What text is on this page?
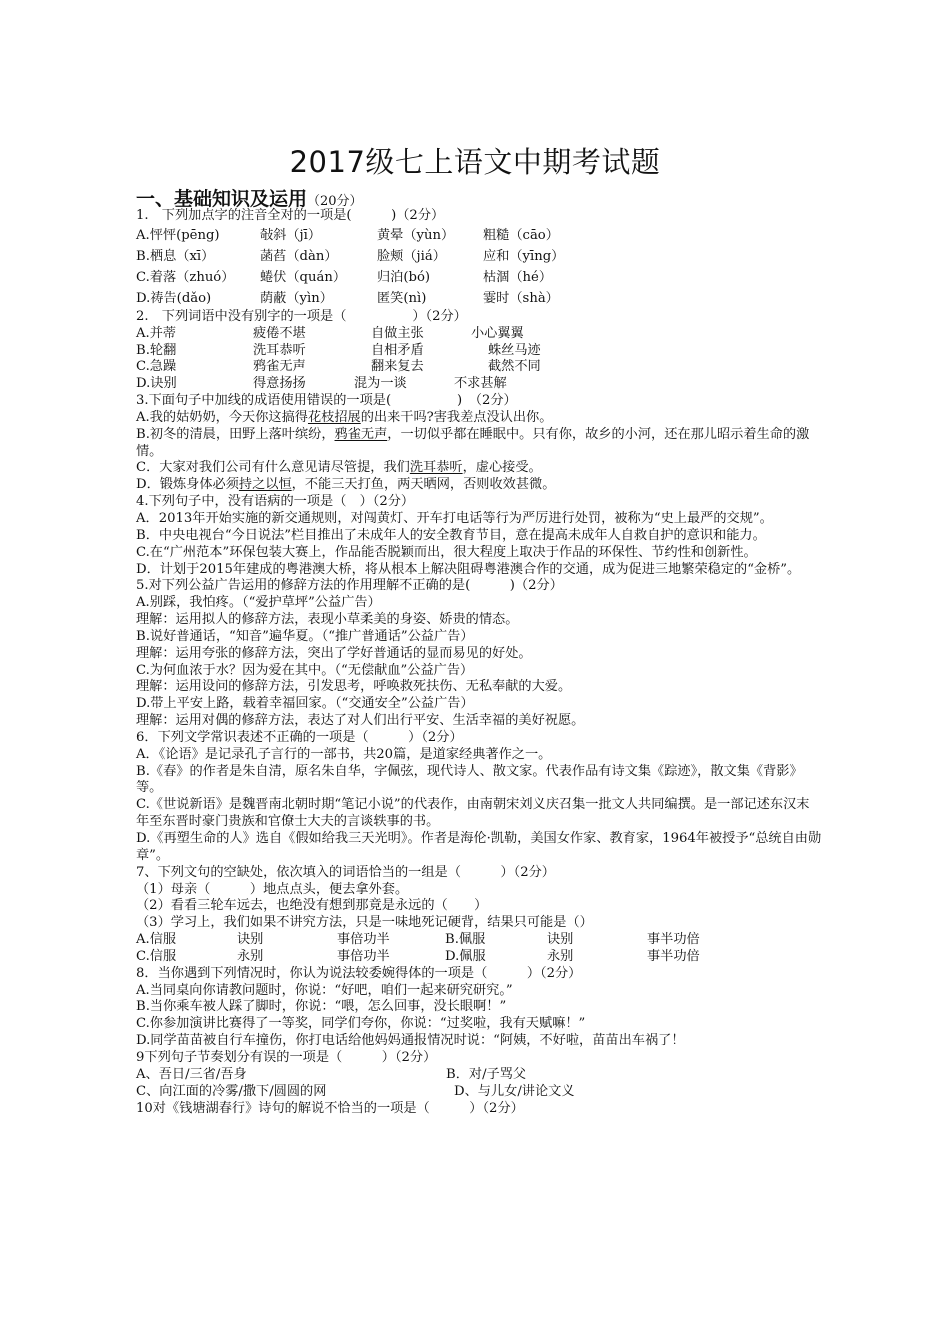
2017级七上语文中期考试题
一、基础知识及运用（20分）
1.　下列加点字的注音全对的一项是(　　　)（2分）
A.怦怦(pēng)	敧斜（jī）	黄晕（yùn）	粗糙（cāo）
B.栖息（xī）	菡萏（dàn）	脸颊（jiá）	应和（yīng）
C.着落（zhuó）	蜷伏（quán）	归泊(bó)	枯涸（hé）
D.祷告(dǎo)	荫蔽（yìn）	匿笑(nì)	霎时（shà）
2.　下列词语中没有别字的一项是（　　　　　）（2分）
A.并蒂	疲倦不堪	自做主张	小心翼翼
B.轮翻	洗耳恭听	自相矛盾	蛛丝马迹
C.急躁	鸦雀无声	翻来复去	截然不同
D.诀别	得意扬扬	混为一谈	不求甚解
3.下面句子中加线的成语使用错误的一项是(　　　　　)　（2分）
A.我的姑奶奶，今天你这搞得花枝招展的出来干吗?害我差点没认出你。
B.初冬的清晨，田野上落叶缤纷，鸦雀无声，一切似乎都在睡眠中。只有你，故乡的小河，还在那儿昭示着生命的激情。
C．大家对我们公司有什么意见请尽管提，我们洗耳恭听，虚心接受。
D．锻炼身体必须持之以恒，不能三天打鱼，两天晒网，否则收效甚微。
4.下列句子中，没有语病的一项是（　）（2分）
A．2013年开始实施的新交通规则，对闯黄灯、开车打电话等行为严厉进行处罚，被称为“史上最严的交规”。
B．中央电视台“今日说法”栏目推出了未成年人的安全教育节目，意在提高未成年人自救自护的意识和能力。
C.在“广州范本”环保包装大赛上，作品能否脱颖而出，很大程度上取决于作品的环保性、节约性和创新性。
D．计划于2015年建成的粤港澳大桥，将从根本上解决阻碍粤港澳合作的交通，成为促进三地繁荣稳定的“金桥”。
5.对下列公益广告运用的修辞方法的作用理解不正确的是(　　　)（2分）
A.别踩，我怕疼。（“爱护草坪”公益广告）
理解：运用拟人的修辞方法，表现小草柔美的身姿、娇贵的情态。
B.说好普通话，“知音”遍华夏。（“推广普通话”公益广告）
理解：运用夸张的修辞方法，突出了学好普通话的显而易见的好处。
C.为何血浓于水？因为爱在其中。（“无偿献血”公益广告）
理解：运用设问的修辞方法，引发思考，呼唤救死扶伤、无私奉献的大爱。
D.带上平安上路，载着幸福回家。（“交通安全”公益广告）
理解：运用对偶的修辞方法，表达了对人们出行平安、生活幸福的美好祝愿。
6．下列文学常识表述不正确的一项是（　　　）（2分）
A．《论语》是记录孔子言行的一部书，共20篇，是道家经典著作之一。
B.《春》的作者是朱自清，原名朱自华，字佩弦，现代诗人、散文家。代表作品有诗文集《踪迹》，散文集《背影》等。
C.《世说新语》是魏晋南北朝时期“笔记小说”的代表作，由南朝宋刘义庆召集一批文人共同编撰。是一部记述东汉末年至东晋时豪门贵族和官僚士大夫的言谈轶事的书。
D.《再塑生命的人》选自《假如给我三天光明》。作者是海伦·凯勒，美国女作家、教育家，1964年被授予“总统自由勋章”。
7、下列文句的空缺处，依次填入的词语恰当的一组是（　　　）（2分）
（1）母亲（　　　）地点点头，便去拿外套。
（2）看看三轮车远去，也绝没有想到那竟是永远的（　　）
（3）学习上，我们如果不讲究方法，只是一味地死记硬背，结果只可能是（）
A.信服	诀别	事倍功半	B.佩服	诀别	事半功倍
C.信服	永别	事倍功半	D.佩服	永别	事半功倍
8．当你遇到下列情况时，你认为说法较委婉得体的一项是（　　　）（2分）
A.当同桌向你请教问题时，你说：“好吧，咱们一起来研究研究。”
B.当你乘车被人踩了脚时，你说：“喂，怎么回事，没长眼啊！”
C.你参加演讲比赛得了一等奖，同学们夸你，你说：“过奖啦，我有天赋嘛！”
D.同学苗苗被自行车撞伤，你打电话给他妈妈通报情况时说：“阿姨，不好啦，苗苗出车祸了！
9下列句子节奏划分有误的一项是（　　　）（2分）
A、吾日/三省/吾身	B．对/子骂父
C、向江面的冷雾/撒下/圆圆的网	D、与儿女/讲论文义
10对《钱塘湖春行》诗句的解说不恰当的一项是（　　　）（2分）
